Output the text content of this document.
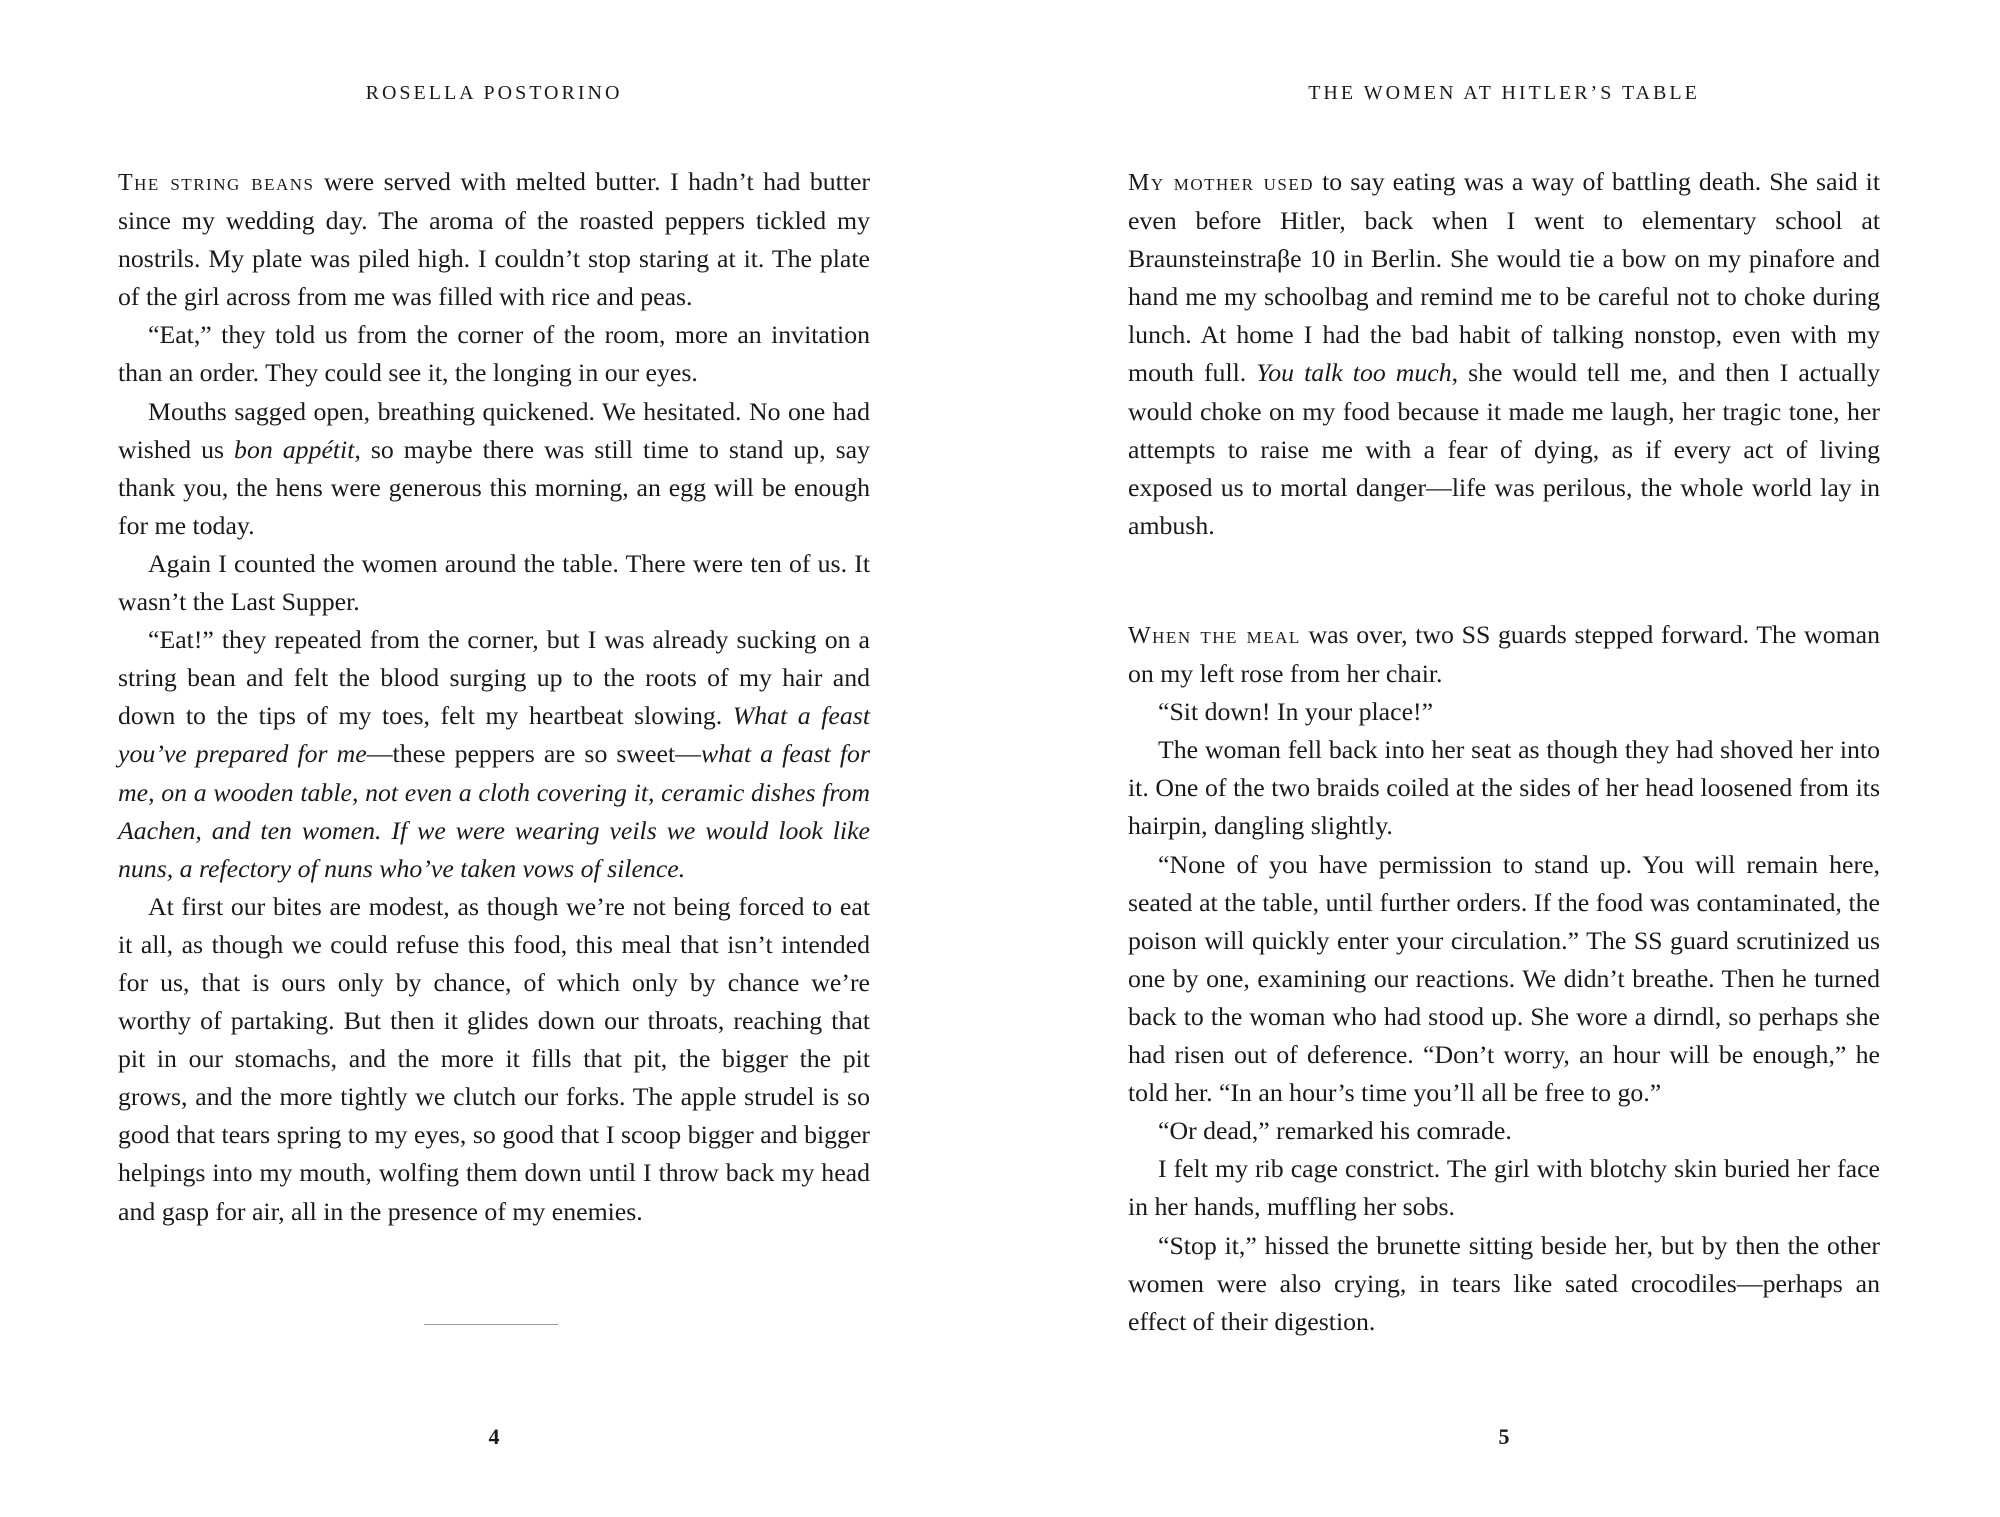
ROSELLA POSTORINO

The string beans were served with melted butter. I hadn’t had butter since my wedding day. The aroma of the roasted peppers tickled my nostrils. My plate was piled high. I couldn’t stop staring at it. The plate of the girl across from me was filled with rice and peas.

“Eat,” they told us from the corner of the room, more an invitation than an order. They could see it, the longing in our eyes.

Mouths sagged open, breathing quickened. We hesitated. No one had wished us bon appétit, so maybe there was still time to stand up, say thank you, the hens were generous this morning, an egg will be enough for me today.

Again I counted the women around the table. There were ten of us. It wasn’t the Last Supper.

“Eat!” they repeated from the corner, but I was already sucking on a string bean and felt the blood surging up to the roots of my hair and down to the tips of my toes, felt my heartbeat slowing. What a feast you’ve prepared for me—these peppers are so sweet—what a feast for me, on a wooden table, not even a cloth covering it, ceramic dishes from Aachen, and ten women. If we were wearing veils we would look like nuns, a refectory of nuns who’ve taken vows of silence.

At first our bites are modest, as though we’re not being forced to eat it all, as though we could refuse this food, this meal that isn’t intended for us, that is ours only by chance, of which only by chance we’re worthy of partaking. But then it glides down our throats, reaching that pit in our stomachs, and the more it fills that pit, the bigger the pit grows, and the more tightly we clutch our forks. The apple strudel is so good that tears spring to my eyes, so good that I scoop bigger and bigger helpings into my mouth, wolfing them down until I throw back my head and gasp for air, all in the presence of my enemies.

4
THE WOMEN AT HITLER’S TABLE

My mother used to say eating was a way of battling death. She said it even before Hitler, back when I went to elementary school at Braunsteinstraβe 10 in Berlin. She would tie a bow on my pinafore and hand me my schoolbag and remind me to be careful not to choke during lunch. At home I had the bad habit of talking nonstop, even with my mouth full. You talk too much, she would tell me, and then I actually would choke on my food because it made me laugh, her tragic tone, her attempts to raise me with a fear of dying, as if every act of living exposed us to mortal danger—life was perilous, the whole world lay in ambush.

When the meal was over, two SS guards stepped forward. The woman on my left rose from her chair.

“Sit down! In your place!”

The woman fell back into her seat as though they had shoved her into it. One of the two braids coiled at the sides of her head loosened from its hairpin, dangling slightly.

“None of you have permission to stand up. You will remain here, seated at the table, until further orders. If the food was contaminated, the poison will quickly enter your circulation.” The SS guard scrutinized us one by one, examining our reactions. We didn’t breathe. Then he turned back to the woman who had stood up. She wore a dirndl, so perhaps she had risen out of deference. “Don’t worry, an hour will be enough,” he told her. “In an hour’s time you’ll all be free to go.”

“Or dead,” remarked his comrade.

I felt my rib cage constrict. The girl with blotchy skin buried her face in her hands, muffling her sobs.

“Stop it,” hissed the brunette sitting beside her, but by then the other women were also crying, in tears like sated crocodiles—perhaps an effect of their digestion.

5
